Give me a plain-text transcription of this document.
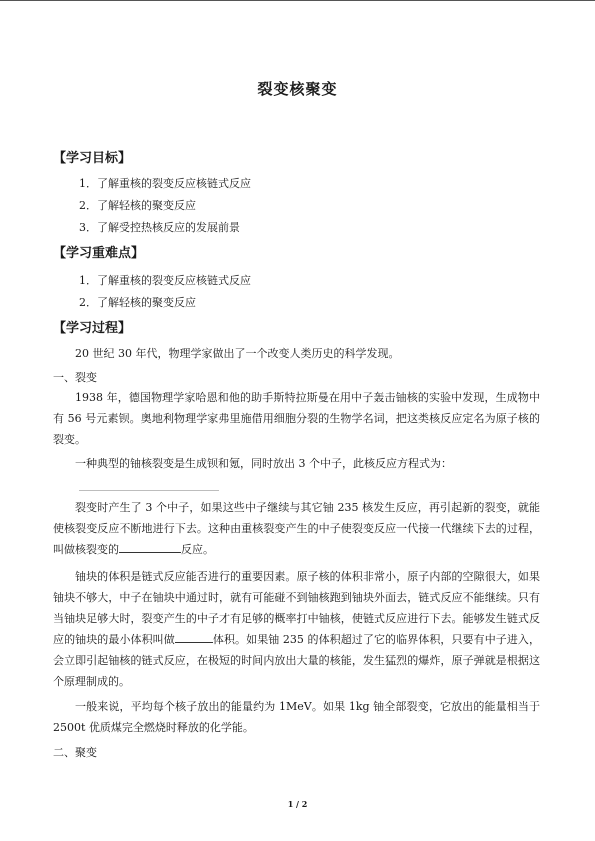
裂变核聚变
【学习目标】
1．了解重核的裂变反应核链式反应
2．了解轻核的聚变反应
3．了解受控热核反应的发展前景
【学习重难点】
1．了解重核的裂变反应核链式反应
2．了解轻核的聚变反应
【学习过程】

20 世纪 30 年代，物理学家做出了一个改变人类历史的科学发现。

一、裂变

1938 年，德国物理学家哈恩和他的助手斯特拉斯曼在用中子轰击铀核的实验中发现，生成物中有 56 号元素钡。奥地利物理学家弗里施借用细胞分裂的生物学名词，把这类核反应定名为原子核的裂变。

一种典型的铀核裂变是生成钡和氪，同时放出 3 个中子，此核反应方程式为：

裂变时产生了 3 个中子，如果这些中子继续与其它铀 235 核发生反应，再引起新的裂变，就能使核裂变反应不断地进行下去。这种由重核裂变产生的中子使裂变反应一代接一代继续下去的过程，叫做核裂变的	反应。

铀块的体积是链式反应能否进行的重要因素。原子核的体积非常小，原子内部的空隙很大，如果铀块不够大，中子在铀块中通过时，就有可能碰不到铀核跑到铀块外面去，链式反应不能继续。只有当铀块足够大时，裂变产生的中子才有足够的概率打中铀核，使链式反应进行下去。能够发生链式反应的铀块的最小体积叫做	体积。如果铀 235 的体积超过了它的临界体积，只要有中子进入，会立即引起铀核的链式反应，在极短的时间内放出大量的核能，发生猛烈的爆炸，原子弹就是根据这个原理制成的。

一般来说，平均每个核子放出的能量约为 1MeV。如果 1kg 铀全部裂变，它放出的能量相当于 2500t 优质煤完全燃烧时释放的化学能。

二、聚变
1 / 2
